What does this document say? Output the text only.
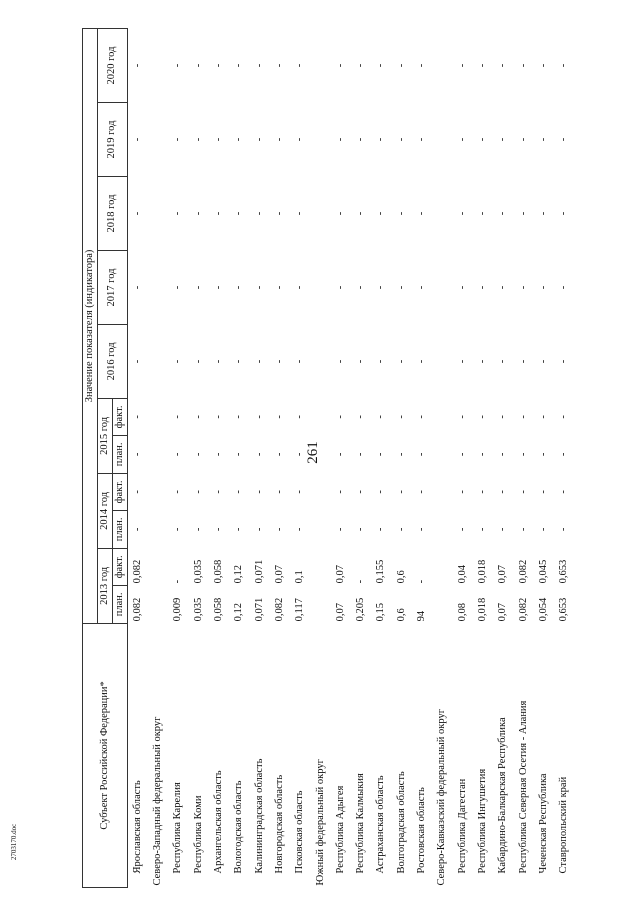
261
2703170.doc
Субъект Российской Федерации*	Значение показателя (индикатора)										
	2013 год		2014 год		2015 год		2016 год	2017 год	2018 год	2019 год	2020 год
	план.	факт.	план.	факт.	план.	факт.					
Ярославская область	0,082	0,082	-	-	-	-	-	-	-	-	-
Северо-Западный федеральный округ											
Республика Карелия	0,009	-	-	-	-	-	-	-	-	-	-
Республика Коми	0,035	0,035	-	-	-	-	-	-	-	-	-
Архангельская область	0,058	0,058	-	-	-	-	-	-	-	-	-
Вологодская область	0,12	0,12	-	-	-	-	-	-	-	-	-
Калининградская область	0,071	0,071	-	-	-	-	-	-	-	-	-
Новгородская область	0,082	0,07	-	-	-	-	-	-	-	-	-
Псковская область	0,117	0,1	-	-	-	-	-	-	-	-	-
Южный федеральный округ											
Республика Адыгея	0,07	0,07	-	-	-	-	-	-	-	-	-
Республика Калмыкия	0,205	-	-	-	-	-	-	-	-	-	-
Астраханская область	0,15	0,155	-	-	-	-	-	-	-	-	-
Волгоградская область	0,6	0,6	-	-	-	-	-	-	-	-	-
Ростовская область	94	-	-	-	-	-	-	-	-	-	-
Северо-Кавказский федеральный округ											
Республика Дагестан	0,08	0,04	-	-	-	-	-	-	-	-	-
Республика Ингушетия	0,018	0,018	-	-	-	-	-	-	-	-	-
Кабардино-Балкарская Республика	0,07	0,07	-	-	-	-	-	-	-	-	-
Республика Северная Осетия - Алания	0,082	0,082	-	-	-	-	-	-	-	-	-
Чеченская Республика	0,054	0,045	-	-	-	-	-	-	-	-	-
Ставропольский край	0,653	0,653	-	-	-	-	-	-	-	-	-
